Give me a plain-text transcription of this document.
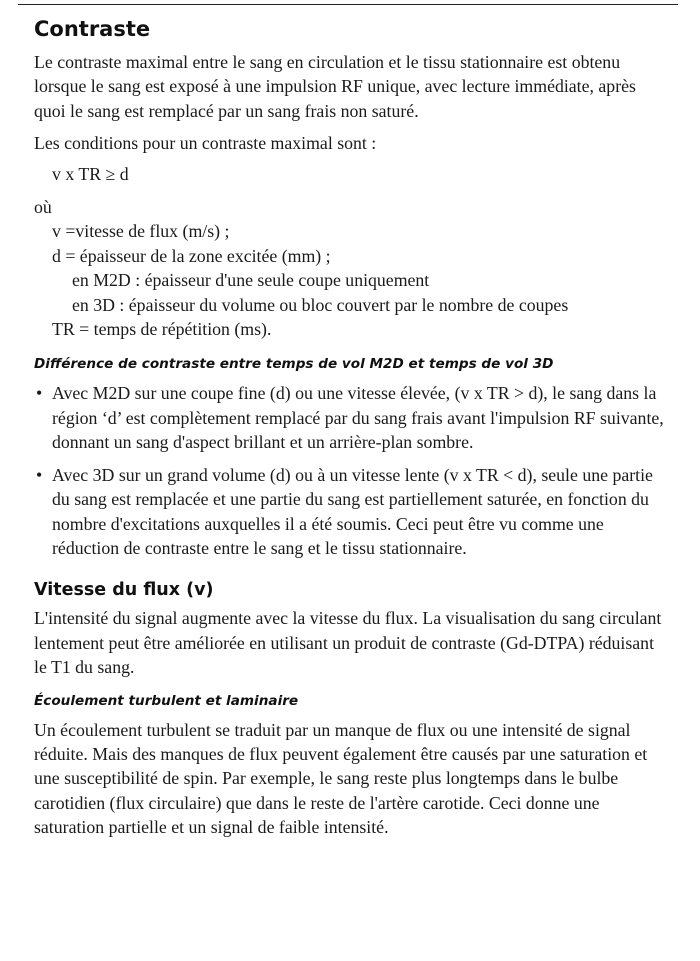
Contraste

Le contraste maximal entre le sang en circulation et le tissu stationnaire est obtenu lorsque le sang est exposé à une impulsion RF unique, avec lecture immédiate, après quoi le sang est remplacé par un sang frais non saturé.

Les conditions pour un contraste maximal sont :

v x TR ≥ d
où
v =vitesse de flux (m/s) ;
d = épaisseur de la zone excitée (mm) ;
en M2D : épaisseur d'une seule coupe uniquement
en 3D : épaisseur du volume ou bloc couvert par le nombre de coupes
TR = temps de répétition (ms).
Différence de contraste entre temps de vol M2D et temps de vol 3D
• Avec M2D sur une coupe fine (d) ou une vitesse élevée, (v x TR > d), le sang dans la région ‘d’ est complètement remplacé par du sang frais avant l'impulsion RF suivante, donnant un sang d'aspect brillant et un arrière-plan sombre.
• Avec 3D sur un grand volume (d) ou à un vitesse lente (v x TR < d), seule une partie du sang est remplacée et une partie du sang est partiellement saturée, en fonction du nombre d'excitations auxquelles il a été soumis. Ceci peut être vu comme une réduction de contraste entre le sang et le tissu stationnaire.
Vitesse du flux (v)

L'intensité du signal augmente avec la vitesse du flux. La visualisation du sang circulant lentement peut être améliorée en utilisant un produit de contraste (Gd-DTPA) réduisant le T1 du sang.

Écoulement turbulent et laminaire

Un écoulement turbulent se traduit par un manque de flux ou une intensité de signal réduite. Mais des manques de flux peuvent également être causés par une saturation et une susceptibilité de spin. Par exemple, le sang reste plus longtemps dans le bulbe carotidien (flux circulaire) que dans le reste de l'artère carotide. Ceci donne une saturation partielle et un signal de faible intensité.
